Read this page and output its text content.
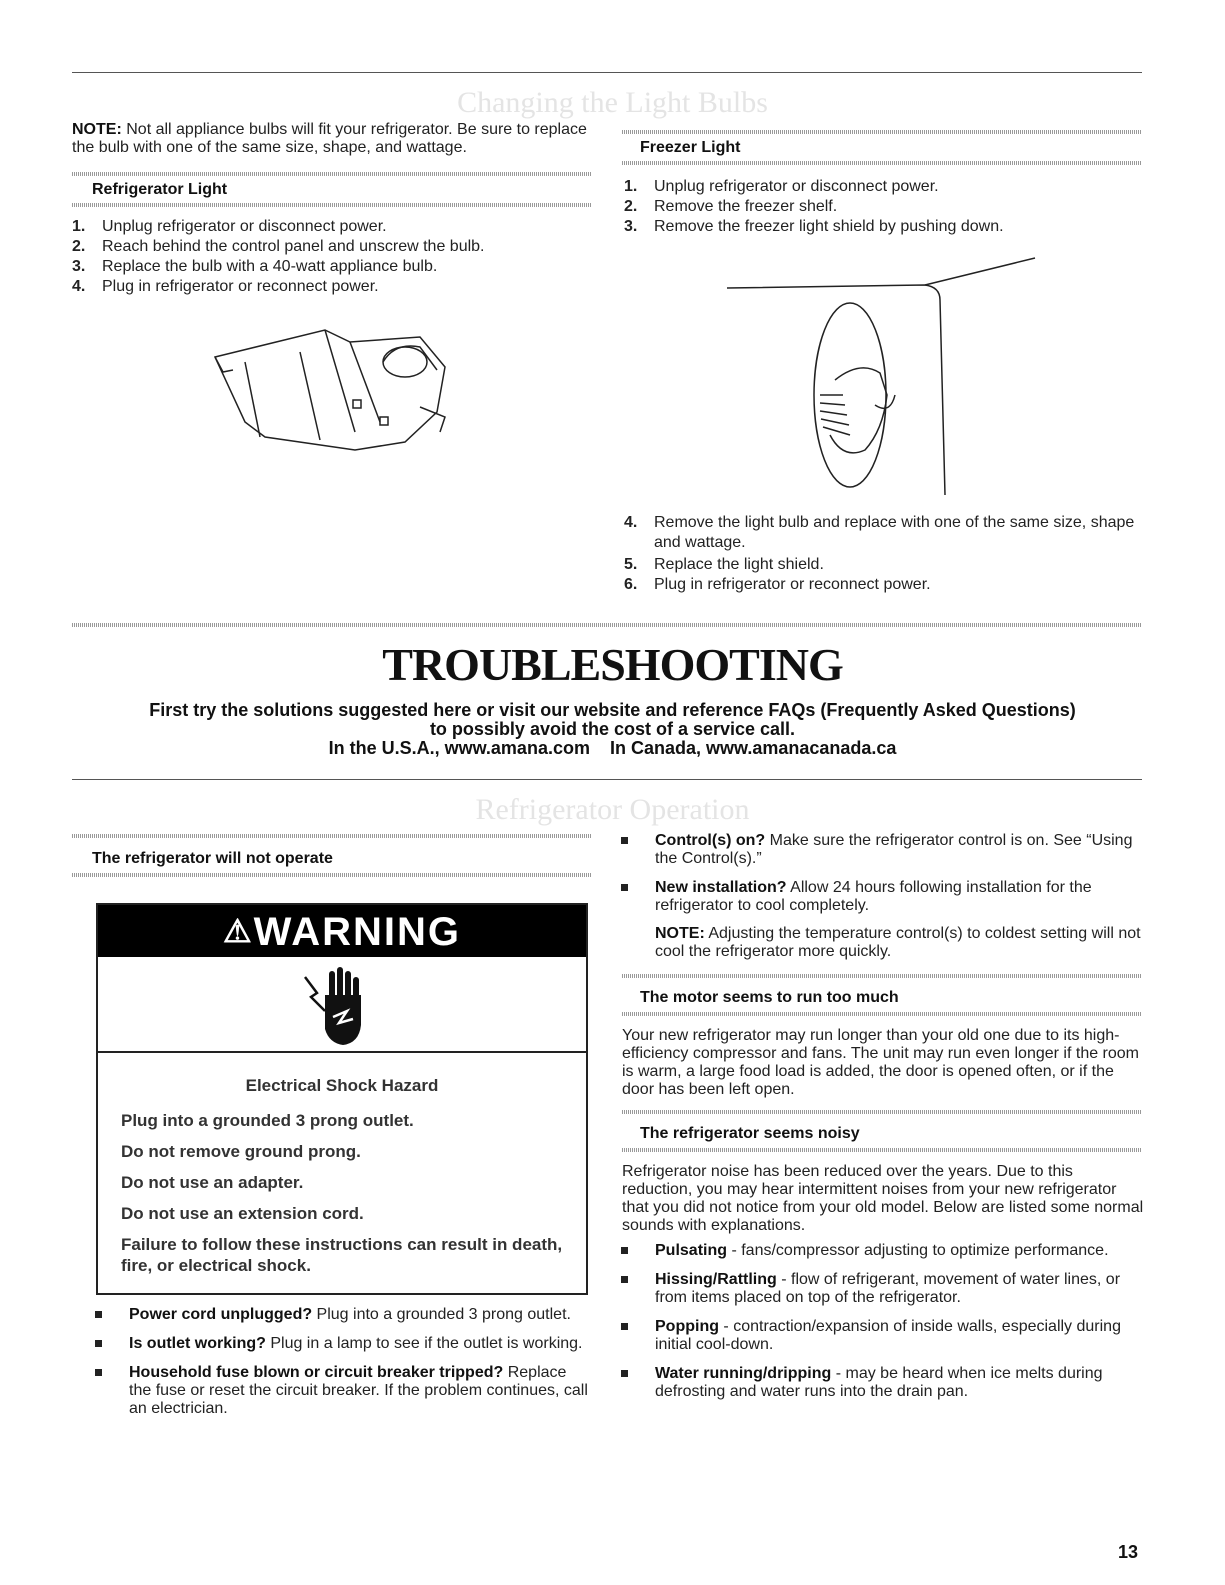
Changing the Light Bulbs
NOTE: Not all appliance bulbs will fit your refrigerator. Be sure to replace the bulb with one of the same size, shape, and wattage.
Refrigerator Light
1. Unplug refrigerator or disconnect power.
2. Reach behind the control panel and unscrew the bulb.
3. Replace the bulb with a 40-watt appliance bulb.
4. Plug in refrigerator or reconnect power.
Freezer Light
1. Unplug refrigerator or disconnect power.
2. Remove the freezer shelf.
3. Remove the freezer light shield by pushing down.
4. Remove the light bulb and replace with one of the same size, shape and wattage.
5. Replace the light shield.
6. Plug in refrigerator or reconnect power.
TROUBLESHOOTING
First try the solutions suggested here or visit our website and reference FAQs (Frequently Asked Questions)
to possibly avoid the cost of a service call.
In the U.S.A., www.amana.com    In Canada, www.amanacanada.ca
Refrigerator Operation
The refrigerator will not operate
⚠WARNING
Electrical Shock Hazard
Plug into a grounded 3 prong outlet.
Do not remove ground prong.
Do not use an adapter.
Do not use an extension cord.
Failure to follow these instructions can result in death, fire, or electrical shock.
Power cord unplugged? Plug into a grounded 3 prong outlet.
Is outlet working? Plug in a lamp to see if the outlet is working.
Household fuse blown or circuit breaker tripped? Replace the fuse or reset the circuit breaker. If the problem continues, call an electrician.
Control(s) on? Make sure the refrigerator control is on. See “Using the Control(s).”
New installation? Allow 24 hours following installation for the refrigerator to cool completely.
NOTE: Adjusting the temperature control(s) to coldest setting will not cool the refrigerator more quickly.
The motor seems to run too much
Your new refrigerator may run longer than your old one due to its high-efficiency compressor and fans. The unit may run even longer if the room is warm, a large food load is added, the door is opened often, or if the door has been left open.
The refrigerator seems noisy
Refrigerator noise has been reduced over the years. Due to this reduction, you may hear intermittent noises from your new refrigerator that you did not notice from your old model. Below are listed some normal sounds with explanations.
Pulsating - fans/compressor adjusting to optimize performance.
Hissing/Rattling - flow of refrigerant, movement of water lines, or from items placed on top of the refrigerator.
Popping - contraction/expansion of inside walls, especially during initial cool-down.
Water running/dripping - may be heard when ice melts during defrosting and water runs into the drain pan.
13
